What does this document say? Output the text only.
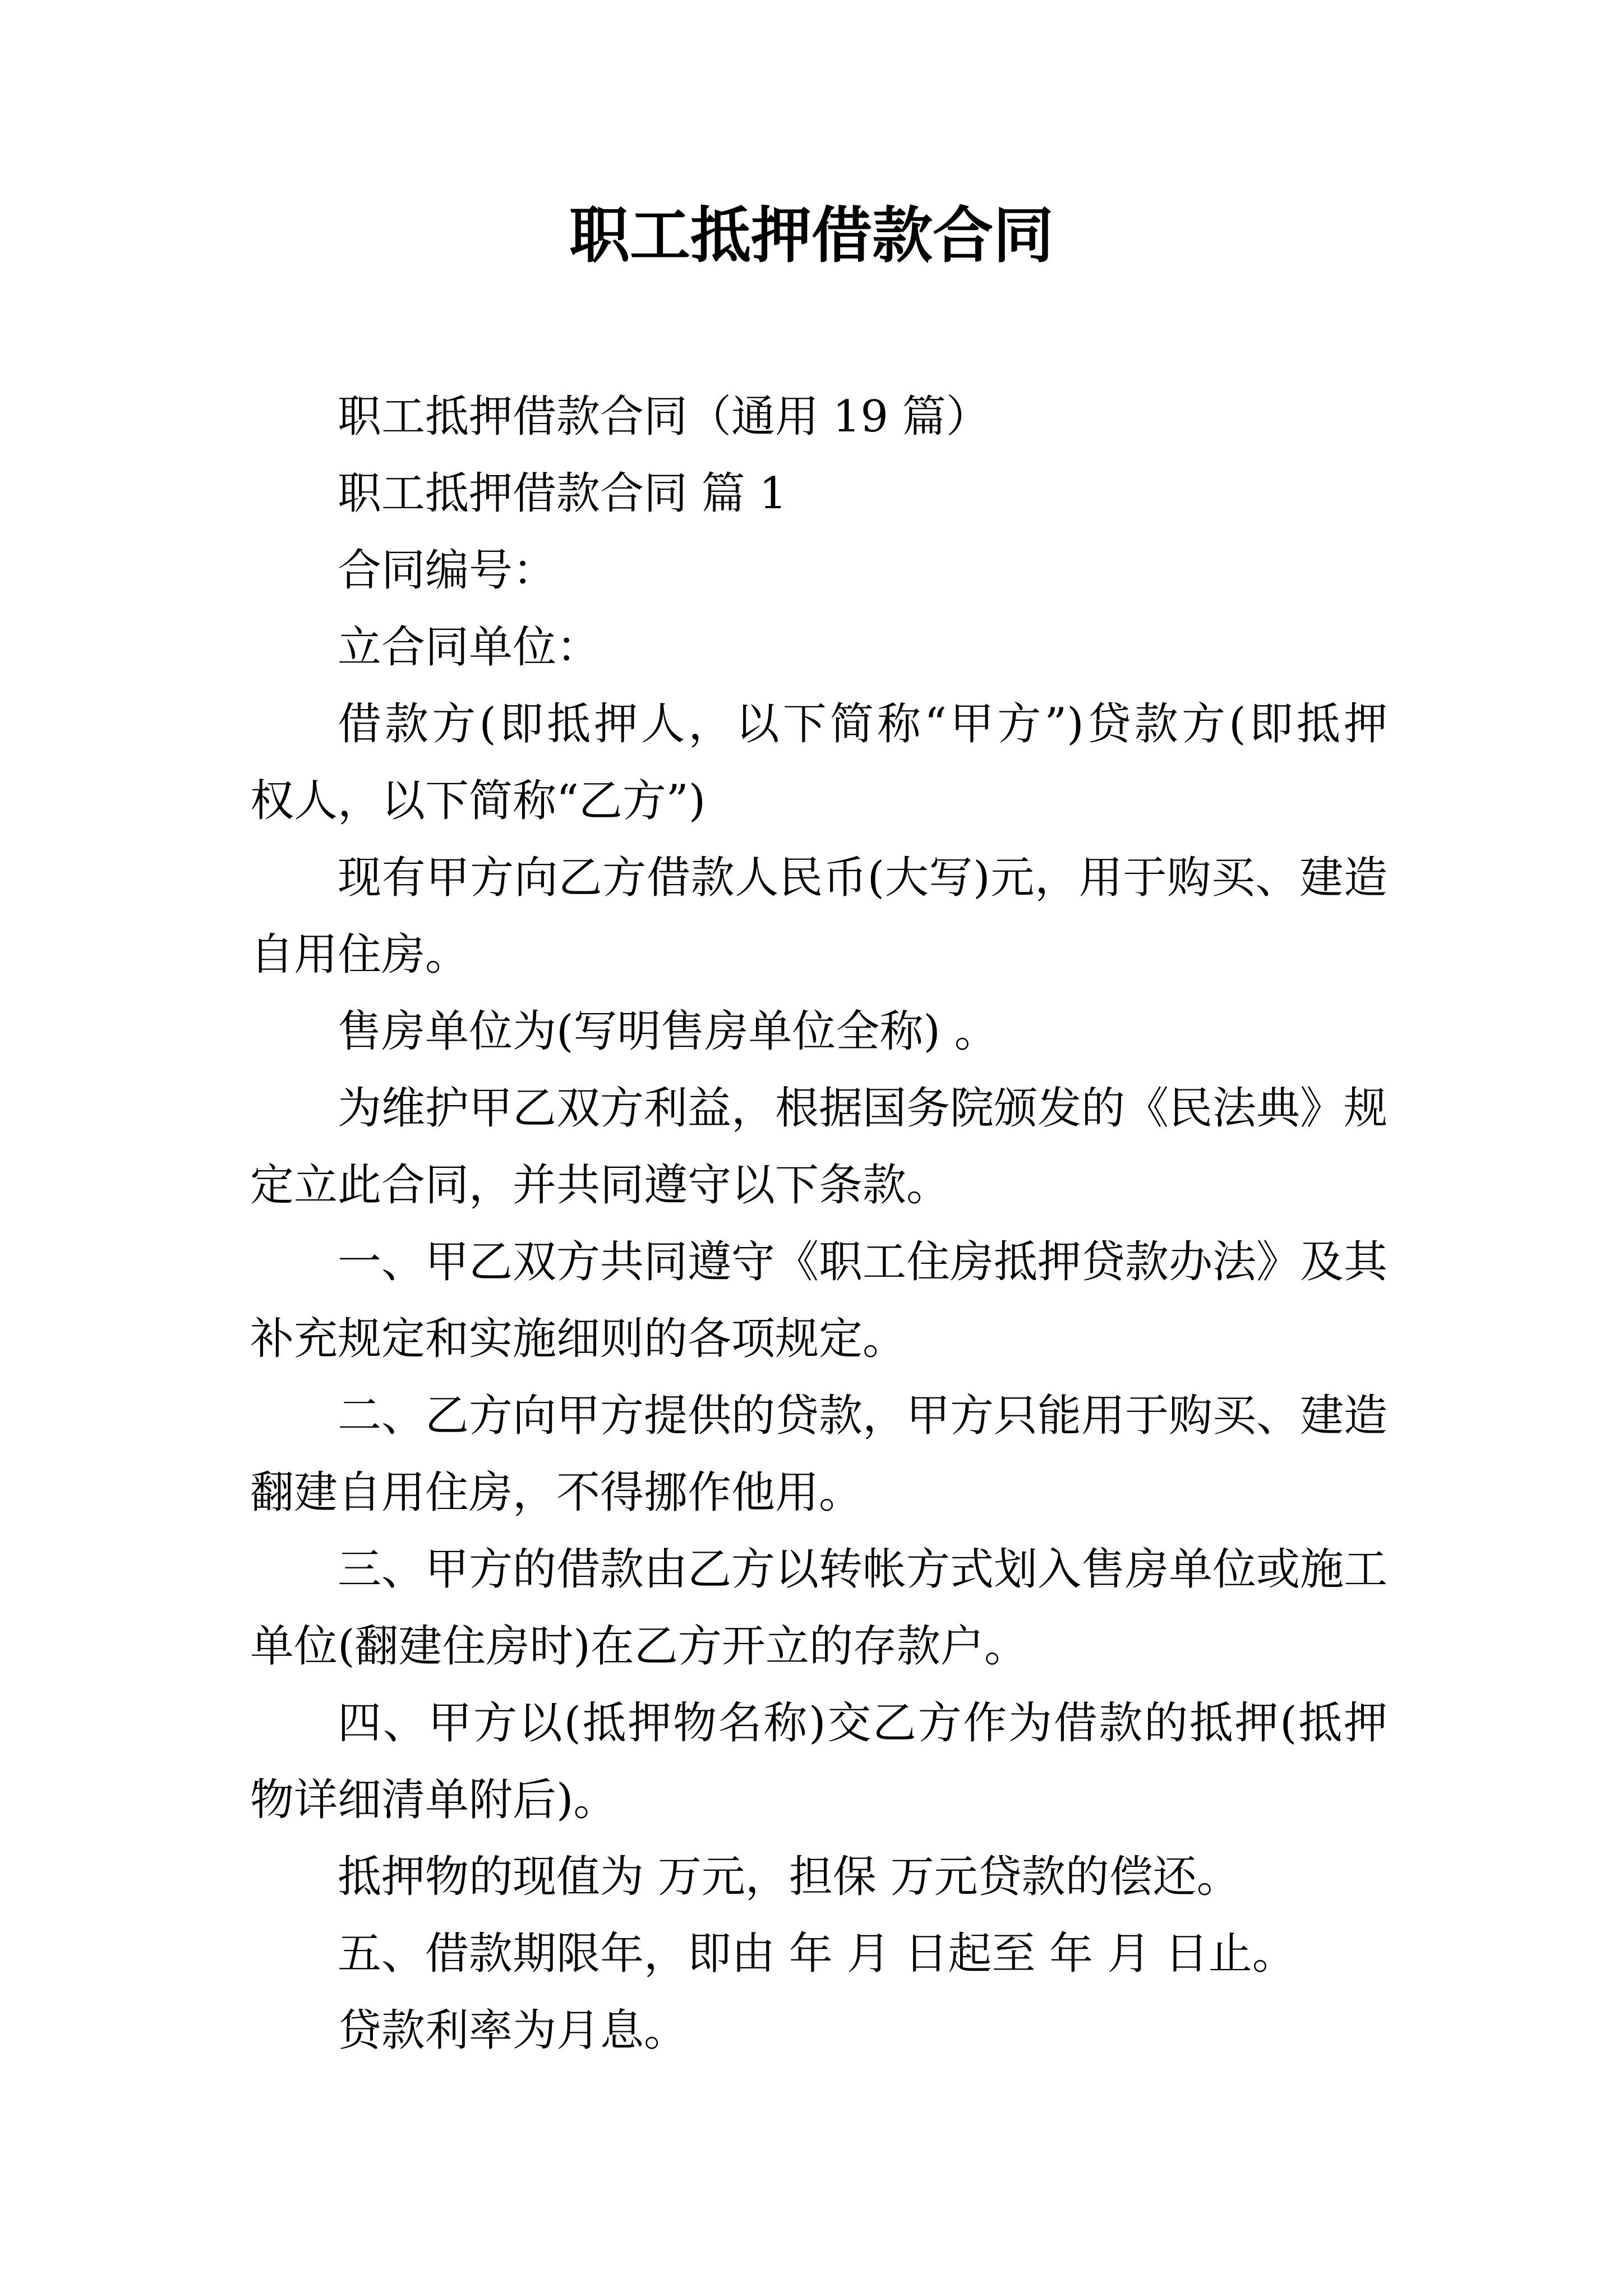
职工抵押借款合同
职工抵押借款合同（通用 19 篇）
职工抵押借款合同 篇 1
合同编号：
立合同单位：
借款方(即抵押人，以下简称“甲方”)贷款方(即抵押
权人，以下简称“乙方”)
现有甲方向乙方借款人民币(大写)元，用于购买、建造
自用住房。
售房单位为(写明售房单位全称) 。
为维护甲乙双方利益，根据国务院颁发的《民法典》规
定立此合同，并共同遵守以下条款。
一、甲乙双方共同遵守《职工住房抵押贷款办法》及其
补充规定和实施细则的各项规定。
二、乙方向甲方提供的贷款，甲方只能用于购买、建造
翻建自用住房，不得挪作他用。
三、甲方的借款由乙方以转帐方式划入售房单位或施工
单位(翻建住房时)在乙方开立的存款户。
四、甲方以(抵押物名称)交乙方作为借款的抵押(抵押
物详细清单附后)。
抵押物的现值为 万元，担保 万元贷款的偿还。
五、借款期限年，即由 年 月 日起至 年 月 日止。
贷款利率为月息。
